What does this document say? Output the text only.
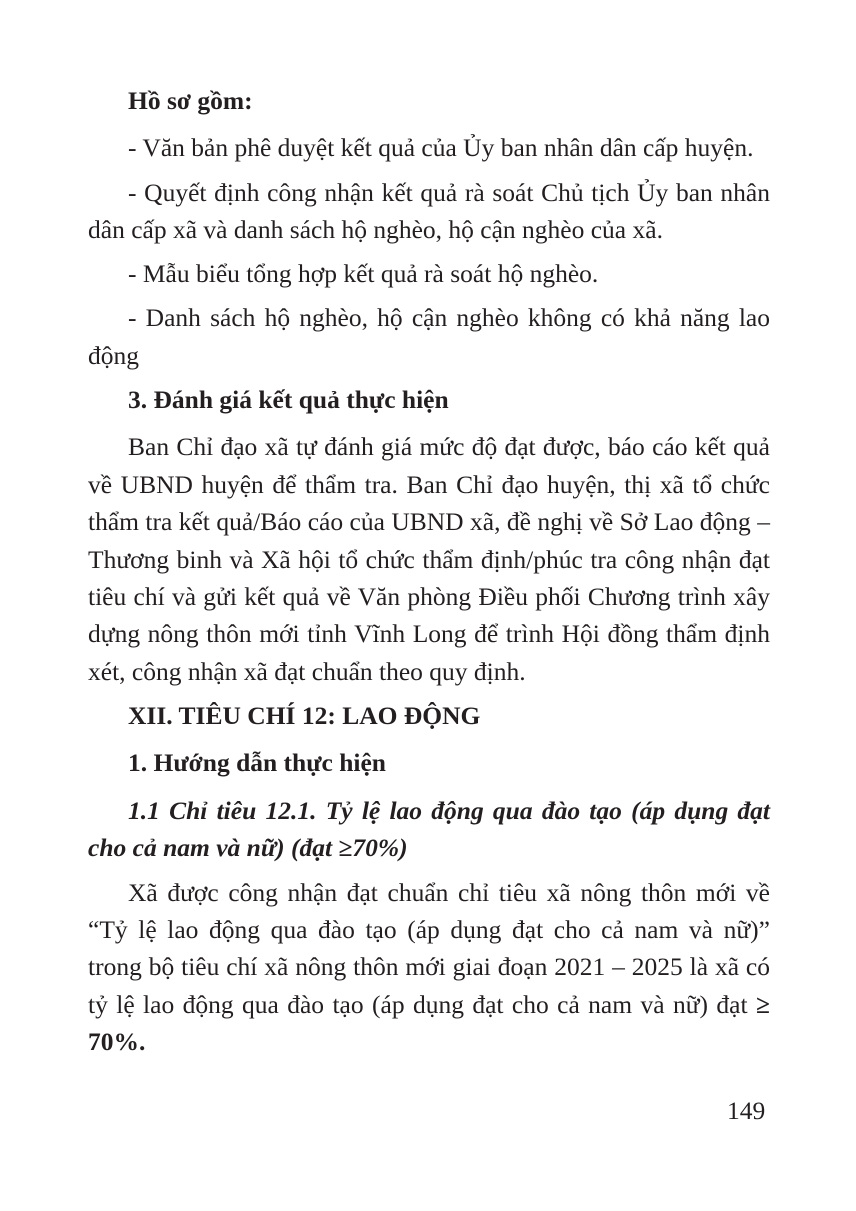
Hồ sơ gồm:

- Văn bản phê duyệt kết quả của Ủy ban nhân dân cấp huyện.

- Quyết định công nhận kết quả rà soát Chủ tịch Ủy ban nhân dân cấp xã và danh sách hộ nghèo, hộ cận nghèo của xã.

- Mẫu biểu tổng hợp kết quả rà soát hộ nghèo.

- Danh sách hộ nghèo, hộ cận nghèo không có khả năng lao động

3. Đánh giá kết quả thực hiện

Ban Chỉ đạo xã tự đánh giá mức độ đạt được, báo cáo kết quả về UBND huyện để thẩm tra. Ban Chỉ đạo huyện, thị xã tổ chức thẩm tra kết quả/Báo cáo của UBND xã, đề nghị về Sở Lao động – Thương binh và Xã hội tổ chức thẩm định/phúc tra công nhận đạt tiêu chí và gửi kết quả về Văn phòng Điều phối Chương trình xây dựng nông thôn mới tỉnh Vĩnh Long để trình Hội đồng thẩm định xét, công nhận xã đạt chuẩn theo quy định.

XII. TIÊU CHÍ 12: LAO ĐỘNG

1. Hướng dẫn thực hiện

1.1 Chỉ tiêu 12.1. Tỷ lệ lao động qua đào tạo (áp dụng đạt cho cả nam và nữ) (đạt ≥70%)

Xã được công nhận đạt chuẩn chỉ tiêu xã nông thôn mới về “Tỷ lệ lao động qua đào tạo (áp dụng đạt cho cả nam và nữ)” trong bộ tiêu chí xã nông thôn mới giai đoạn 2021 – 2025 là xã có tỷ lệ lao động qua đào tạo (áp dụng đạt cho cả nam và nữ) đạt ≥ 70%.

149
